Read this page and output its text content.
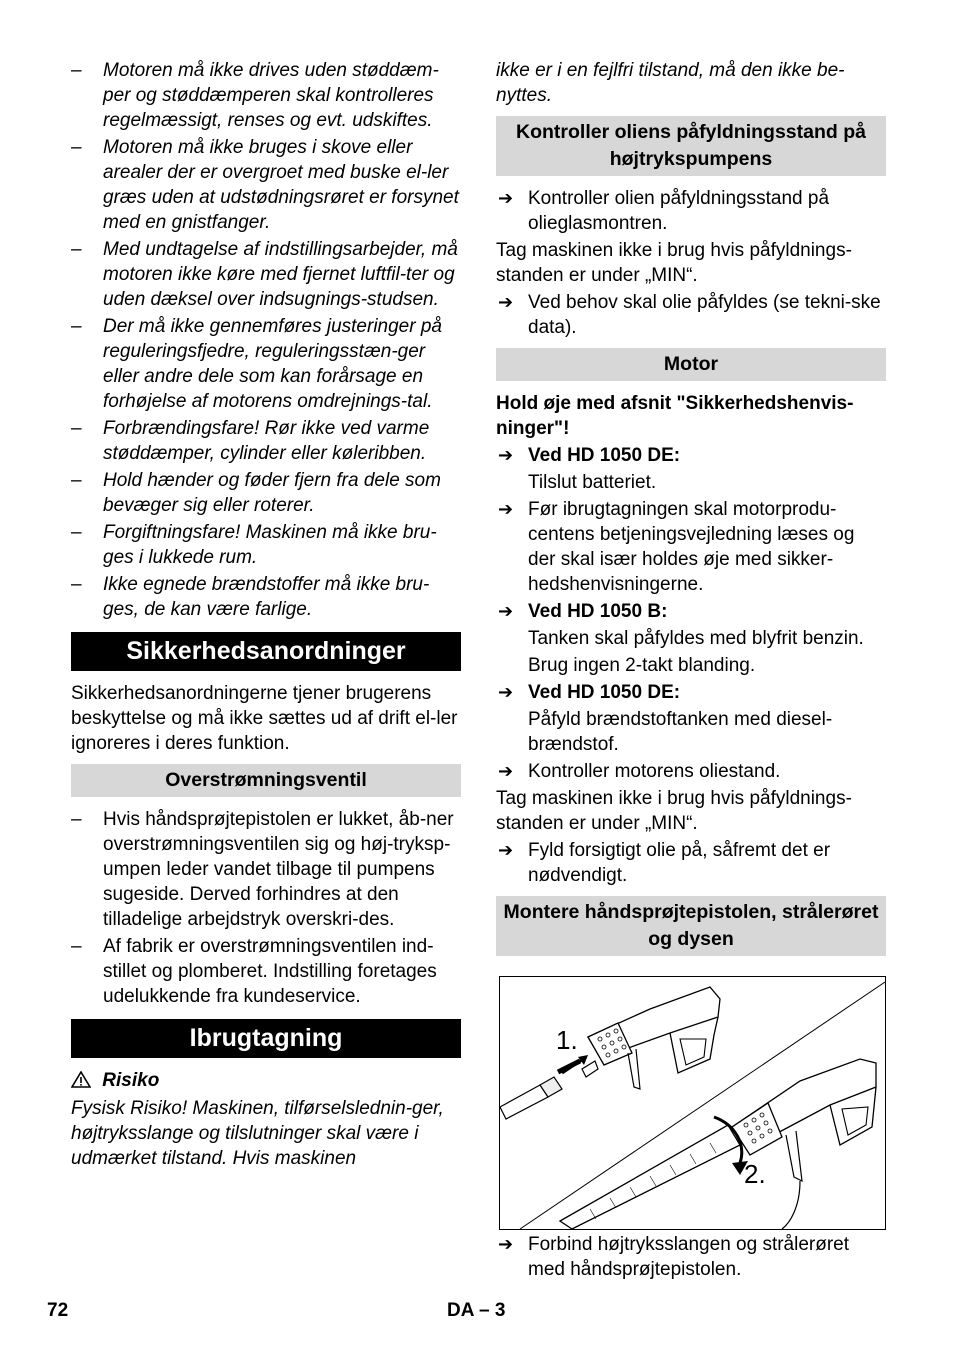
– Motoren må ikke drives uden støddæm-per og støddæmperen skal kontrolleres regelmæssigt, renses og evt. udskiftes.
– Motoren må ikke bruges i skove eller arealer der er overgroet med buske el-ler græs uden at udstødningsrøret er forsynet med en gnistfanger.
– Med undtagelse af indstillingsarbejder, må motoren ikke køre med fjernet luftfil-ter og uden dæksel over indsugnings-studsen.
– Der må ikke gennemføres justeringer på reguleringsfjedre, reguleringsstæn-ger eller andre dele som kan forårsage en forhøjelse af motorens omdrejnings-tal.
– Forbrændingsfare! Rør ikke ved varme støddæmper, cylinder eller køleribben.
– Hold hænder og føder fjern fra dele som bevæger sig eller roterer.
– Forgiftningsfare! Maskinen må ikke bru-ges i lukkede rum.
– Ikke egnede brændstoffer må ikke bru-ges, de kan være farlige.
Sikkerhedsanordninger
Sikkerhedsanordningerne tjener brugerens beskyttelse og må ikke sættes ud af drift el-ler ignoreres i deres funktion.
Overstrømningsventil
– Hvis håndsprøjtepistolen er lukket, åb-ner overstrømningsventilen sig og høj-trykspumpen leder vandet tilbage til pumpens sugeside. Derved forhindres at den tilladelige arbejdstryk overskri-des.
– Af fabrik er overstrømningsventilen ind-stillet og plomberet. Indstilling foretages udelukkende fra kundeservice.
Ibrugtagning
Risiko
Fysisk Risiko! Maskinen, tilførselslednin-ger, højtryksslange og tilslutninger skal være i udmærket tilstand. Hvis maskinen
ikke er i en fejlfri tilstand, må den ikke be-nyttes.
Kontroller oliens påfyldningsstand på højtrykspumpens
➔ Kontroller olien påfyldningsstand på olieglasmontren.
Tag maskinen ikke i brug hvis påfyldnings-standen er under „MIN“.
➔ Ved behov skal olie påfyldes (se tekni-ske data).
Motor
Hold øje med afsnit "Sikkerhedshenvis-ninger"!
➔ Ved HD 1050 DE:
Tilslut batteriet.
➔ Før ibrugtagningen skal motorprodu-centens betjeningsvejledning læses og der skal især holdes øje med sikker-hedshenvisningerne.
➔ Ved HD 1050 B:
Tanken skal påfyldes med blyfrit benzin.
Brug ingen 2-takt blanding.
➔ Ved HD 1050 DE:
Påfyld brændstoftanken med diesel-brændstof.
➔ Kontroller motorens oliestand.
Tag maskinen ikke i brug hvis påfyldnings-standen er under „MIN“.
➔ Fyld forsigtigt olie på, såfremt det er nødvendigt.
Montere håndsprøjtepistolen, strålerøret og dysen
1.
2.
➔ Forbind højtryksslangen og strålerøret med håndsprøjtepistolen.
72	DA – 3
